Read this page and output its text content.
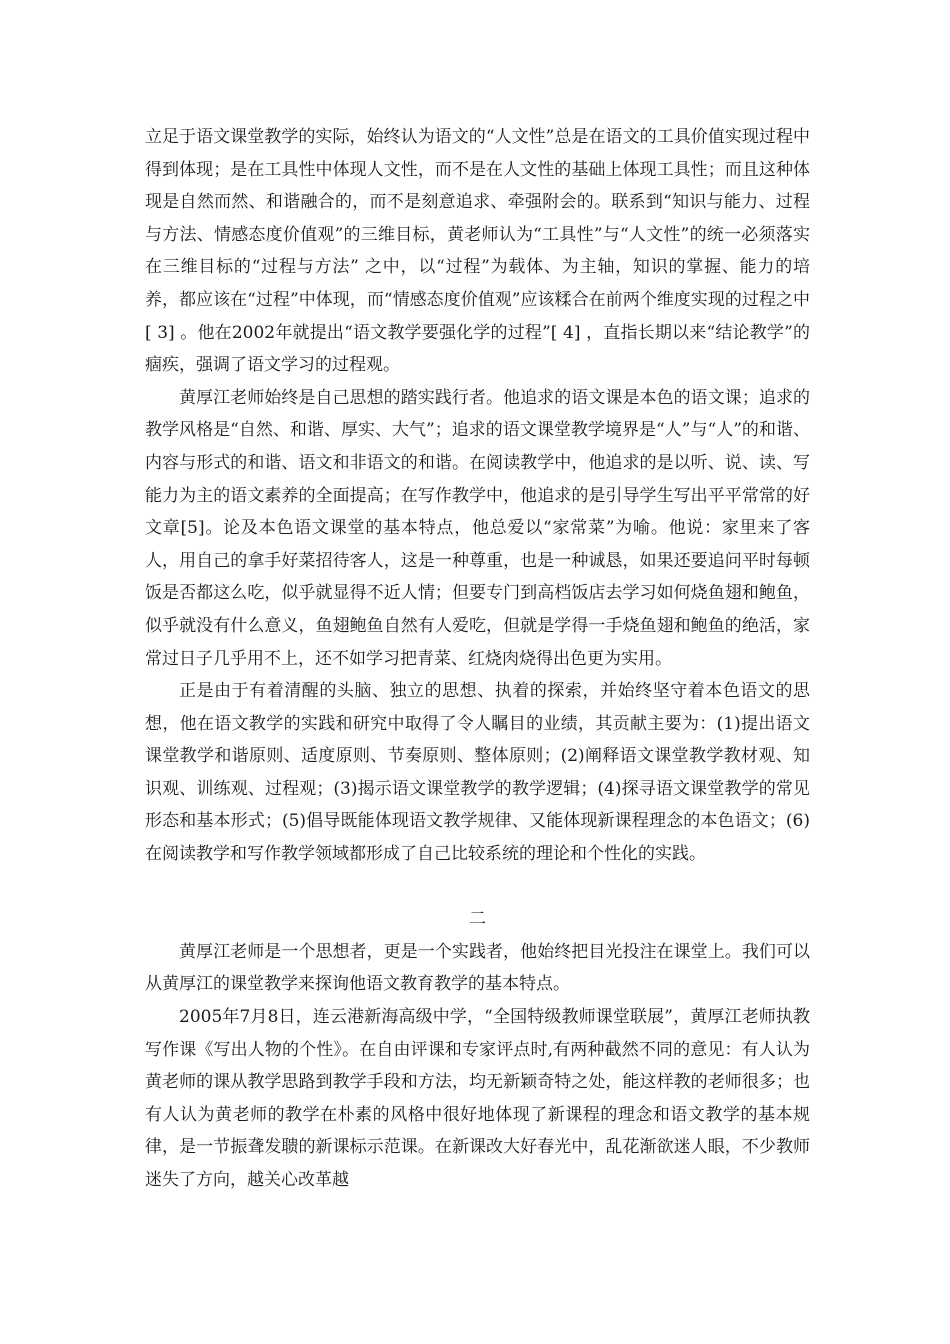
立足于语文课堂教学的实际，始终认为语文的“人文性”总是在语文的工具价值实现过程中得到体现；是在工具性中体现人文性，而不是在人文性的基础上体现工具性；而且这种体现是自然而然、和谐融合的，而不是刻意追求、牵强附会的。联系到“知识与能力、过程与方法、情感态度价值观”的三维目标，黄老师认为“工具性”与“人文性”的统一必须落实在三维目标的“过程与方法” 之中，以“过程”为载体、为主轴，知识的掌握、能力的培养，都应该在“过程”中体现，而“情感态度价值观”应该糅合在前两个维度实现的过程之中[ 3] 。他在2002年就提出“语文教学要强化学的过程”[ 4] ，直指长期以来“结论教学”的痼疾，强调了语文学习的过程观。

黄厚江老师始终是自己思想的踏实践行者。他追求的语文课是本色的语文课；追求的教学风格是“自然、和谐、厚实、大气”；追求的语文课堂教学境界是“人”与“人”的和谐、内容与形式的和谐、语文和非语文的和谐。在阅读教学中，他追求的是以听、说、读、写能力为主的语文素养的全面提高；在写作教学中，他追求的是引导学生写出平平常常的好文章[5]。论及本色语文课堂的基本特点，他总爱以“家常菜”为喻。他说：家里来了客人，用自己的拿手好菜招待客人，这是一种尊重，也是一种诚恳，如果还要追问平时每顿饭是否都这么吃，似乎就显得不近人情；但要专门到高档饭店去学习如何烧鱼翅和鲍鱼，似乎就没有什么意义，鱼翅鲍鱼自然有人爱吃，但就是学得一手烧鱼翅和鲍鱼的绝活，家常过日子几乎用不上，还不如学习把青菜、红烧肉烧得出色更为实用。

正是由于有着清醒的头脑、独立的思想、执着的探索，并始终坚守着本色语文的思想，他在语文教学的实践和研究中取得了令人瞩目的业绩，其贡献主要为：(1)提出语文课堂教学和谐原则、适度原则、节奏原则、整体原则；(2)阐释语文课堂教学教材观、知识观、训练观、过程观；(3)揭示语文课堂教学的教学逻辑；(4)探寻语文课堂教学的常见形态和基本形式；(5)倡导既能体现语文教学规律、又能体现新课程理念的本色语文；(6)在阅读教学和写作教学领域都形成了自己比较系统的理论和个性化的实践。

二

黄厚江老师是一个思想者，更是一个实践者，他始终把目光投注在课堂上。我们可以从黄厚江的课堂教学来探询他语文教育教学的基本特点。

2005年7月8日，连云港新海高级中学，“全国特级教师课堂联展”，黄厚江老师执教写作课《写出人物的个性》。在自由评课和专家评点时,有两种截然不同的意见：有人认为黄老师的课从教学思路到教学手段和方法，均无新颖奇特之处，能这样教的老师很多；也有人认为黄老师的教学在朴素的风格中很好地体现了新课程的理念和语文教学的基本规律，是一节振聋发聩的新课标示范课。在新课改大好春光中，乱花渐欲迷人眼，不少教师迷失了方向，越关心改革越
